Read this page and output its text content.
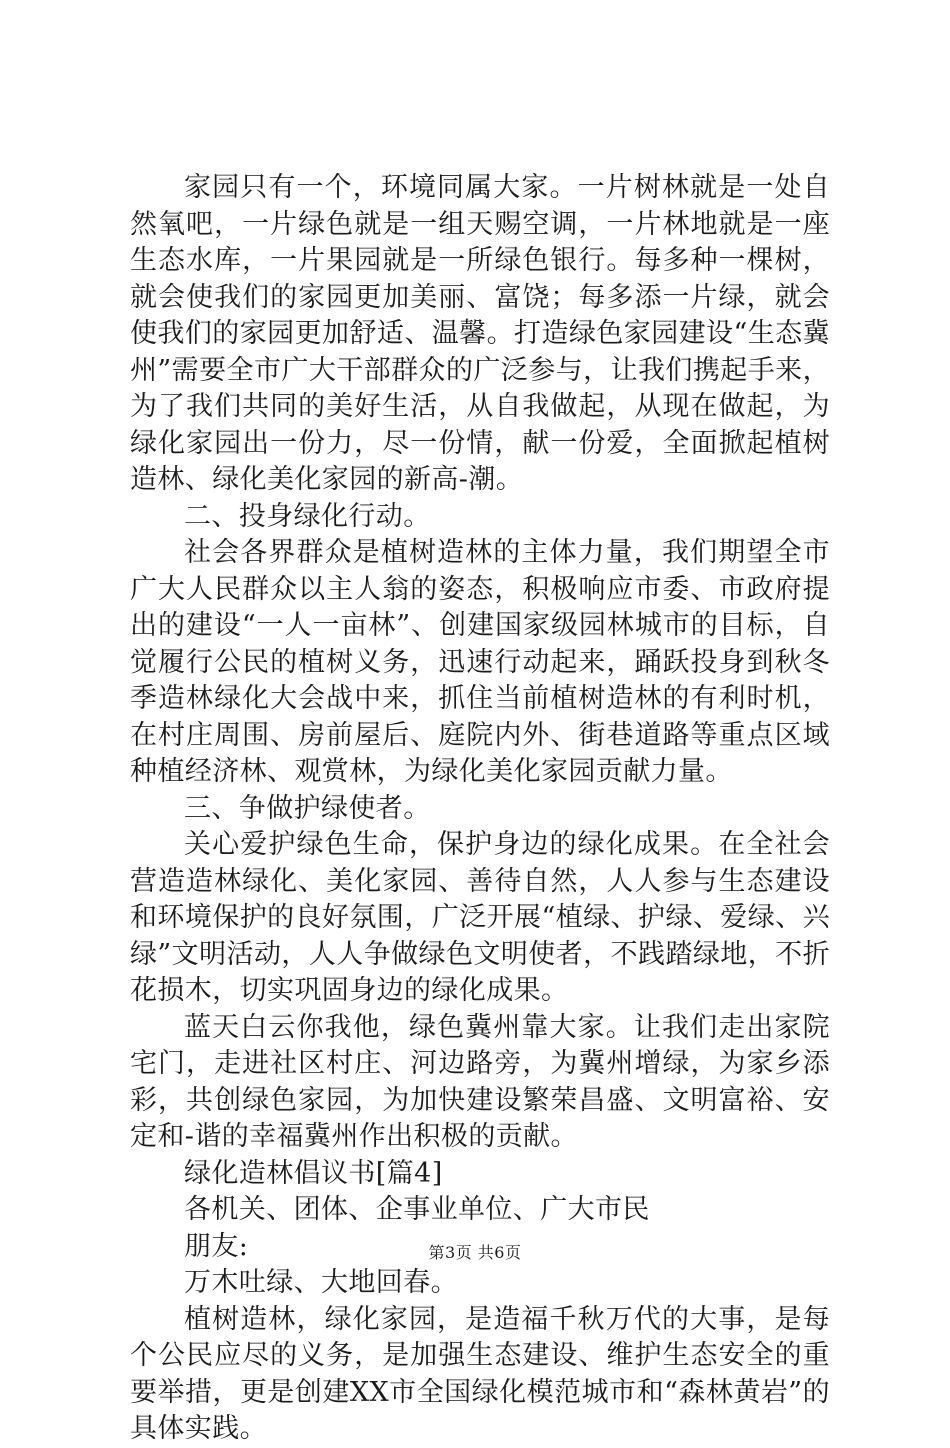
家园只有一个，环境同属大家。一片树林就是一处自然氧吧，一片绿色就是一组天赐空调，一片林地就是一座生态水库，一片果园就是一所绿色银行。每多种一棵树，就会使我们的家园更加美丽、富饶；每多添一片绿，就会使我们的家园更加舒适、温馨。打造绿色家园建设“生态冀州”需要全市广大干部群众的广泛参与，让我们携起手来，为了我们共同的美好生活，从自我做起，从现在做起，为绿化家园出一份力，尽一份情，献一份爱，全面掀起植树造林、绿化美化家园的新高-潮。

二、投身绿化行动。

社会各界群众是植树造林的主体力量，我们期望全市广大人民群众以主人翁的姿态，积极响应市委、市政府提出的建设“一人一亩林”、创建国家级园林城市的目标，自觉履行公民的植树义务，迅速行动起来，踊跃投身到秋冬季造林绿化大会战中来，抓住当前植树造林的有利时机，在村庄周围、房前屋后、庭院内外、街巷道路等重点区域种植经济林、观赏林，为绿化美化家园贡献力量。

三、争做护绿使者。

关心爱护绿色生命，保护身边的绿化成果。在全社会营造造林绿化、美化家园、善待自然，人人参与生态建设和环境保护的良好氛围，广泛开展“植绿、护绿、爱绿、兴绿”文明活动，人人争做绿色文明使者，不践踏绿地，不折花损木，切实巩固身边的绿化成果。

蓝天白云你我他，绿色冀州靠大家。让我们走出家院宅门，走进社区村庄、河边路旁，为冀州增绿，为家乡添彩，共创绿色家园，为加快建设繁荣昌盛、文明富裕、安定和-谐的幸福冀州作出积极的贡献。

绿化造林倡议书[篇4]

各机关、团体、企事业单位、广大市民

朋友:

万木吐绿、大地回春。

植树造林，绿化家园，是造福千秋万代的大事，是每个公民应尽的义务，是加强生态建设、维护生态安全的重要举措，更是创建XX市全国绿化模范城市和“森林黄岩”的具体实践。

第3页 共6页
